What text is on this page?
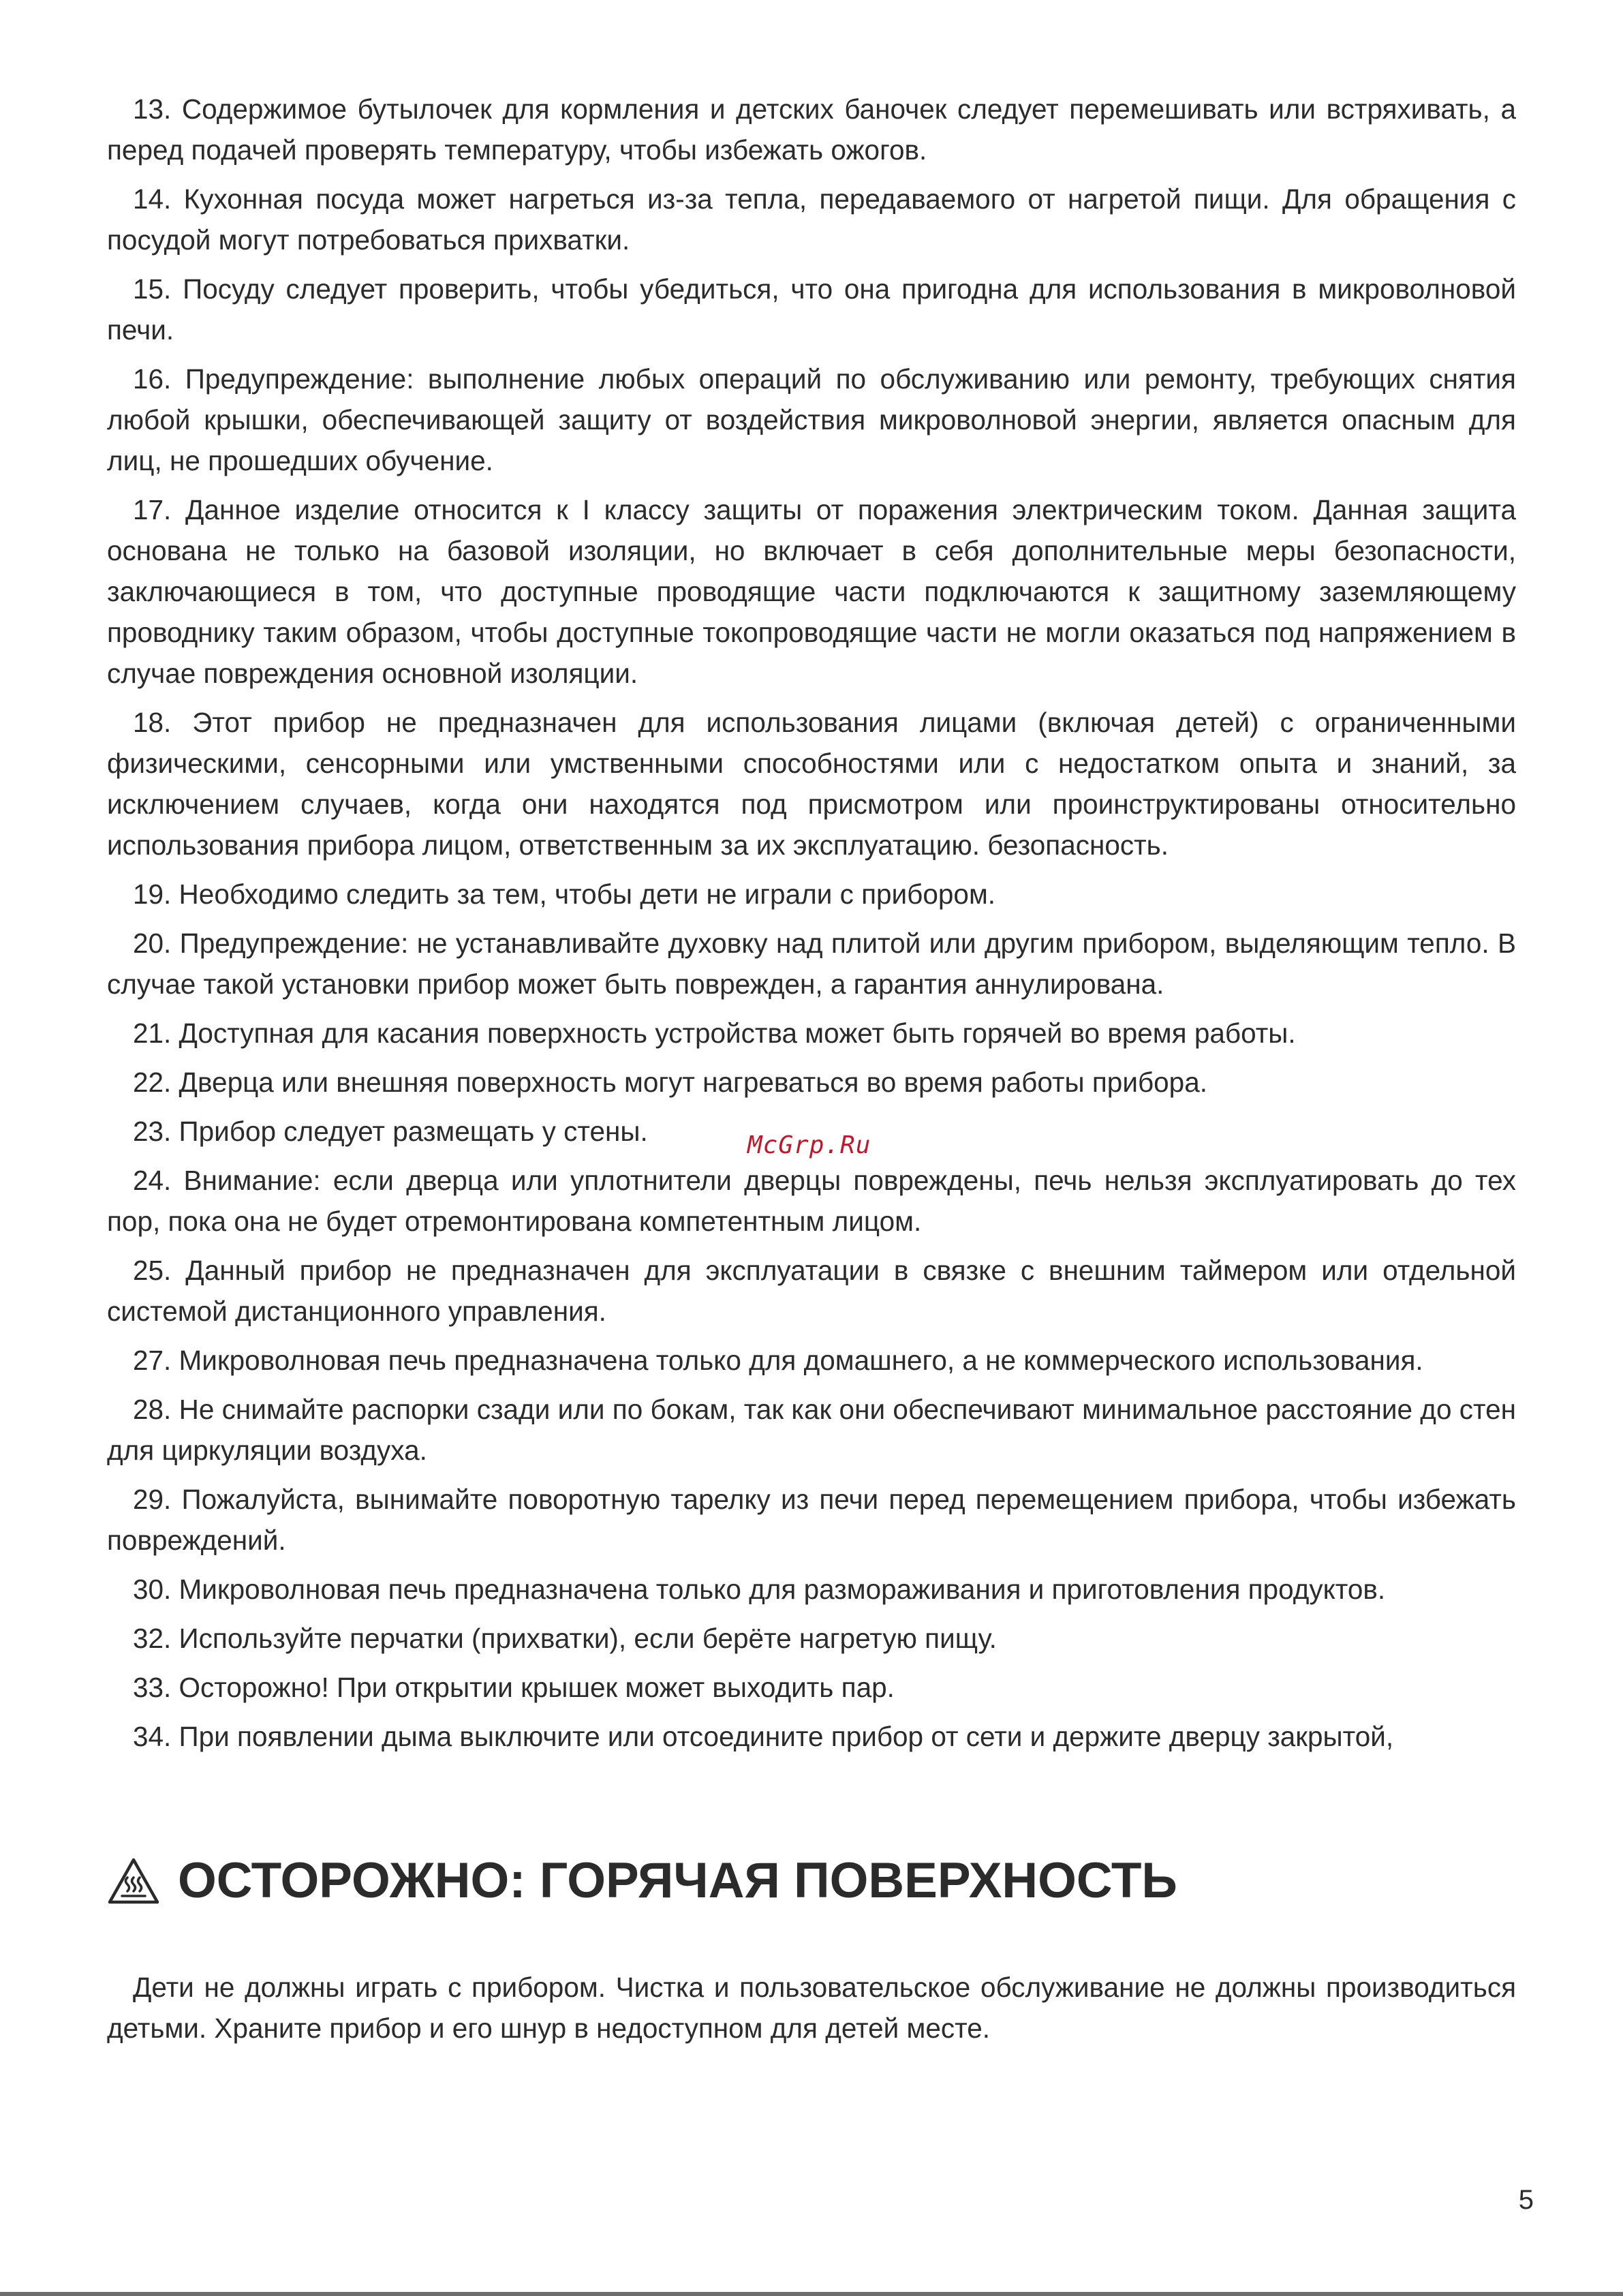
13. Содержимое бутылочек для кормления и детских баночек следует перемешивать или встряхивать, а перед подачей проверять температуру, чтобы избежать ожогов.

14. Кухонная посуда может нагреться из-за тепла, передаваемого от нагретой пищи. Для обращения с посудой могут потребоваться прихватки.

15. Посуду следует проверить, чтобы убедиться, что она пригодна для использования в микроволновой печи.

16. Предупреждение: выполнение любых операций по обслуживанию или ремонту, требующих снятия любой крышки, обеспечивающей защиту от воздействия микроволновой энергии, является опасным для лиц, не прошедших обучение.

17. Данное изделие относится к I классу защиты от поражения электрическим током. Данная защита основана не только на базовой изоляции, но включает в себя дополнительные меры безопасности, заключающиеся в том, что доступные проводящие части подключаются к защитному заземляющему проводнику таким образом, чтобы доступные токопроводящие части не могли оказаться под напряжением в случае повреждения основной изоляции.

18. Этот прибор не предназначен для использования лицами (включая детей) с ограниченными физическими, сенсорными или умственными способностями или с недостатком опыта и знаний, за исключением случаев, когда они находятся под присмотром или проинструктированы относительно использования прибора лицом, ответственным за их эксплуатацию. безопасность.

19. Необходимо следить за тем, чтобы дети не играли с прибором.

20. Предупреждение: не устанавливайте духовку над плитой или другим прибором, выделяющим тепло. В случае такой установки прибор может быть поврежден, а гарантия аннулирована.

21. Доступная для касания поверхность устройства может быть горячей во время работы.

22. Дверца или внешняя поверхность могут нагреваться во время работы прибора.

23. Прибор следует размещать у стены.

24. Внимание: если дверца или уплотнители дверцы повреждены, печь нельзя эксплуатировать до тех пор, пока она не будет отремонтирована компетентным лицом.

25. Данный прибор не предназначен для эксплуатации в связке с внешним таймером или отдельной системой дистанционного управления.

27. Микроволновая печь предназначена только для домашнего, а не коммерческого использования.

28. Не снимайте распорки сзади или по бокам, так как они обеспечивают минимальное расстояние до стен для циркуляции воздуха.

29. Пожалуйста, вынимайте поворотную тарелку из печи перед перемещением прибора, чтобы избежать повреждений.

30. Микроволновая печь предназначена только для размораживания и приготовления продуктов.

32. Используйте перчатки (прихватки), если берёте нагретую пищу.

33. Осторожно! При открытии крышек может выходить пар.

34. При появлении дыма выключите или отсоедините прибор от сети и держите дверцу закрытой,

McGrp.Ru
ОСТОРОЖНО: ГОРЯЧАЯ ПОВЕРХНОСТЬ

Дети не должны играть с прибором. Чистка и пользовательское обслуживание не должны производиться детьми. Храните прибор и его шнур в недоступном для детей месте.

5
